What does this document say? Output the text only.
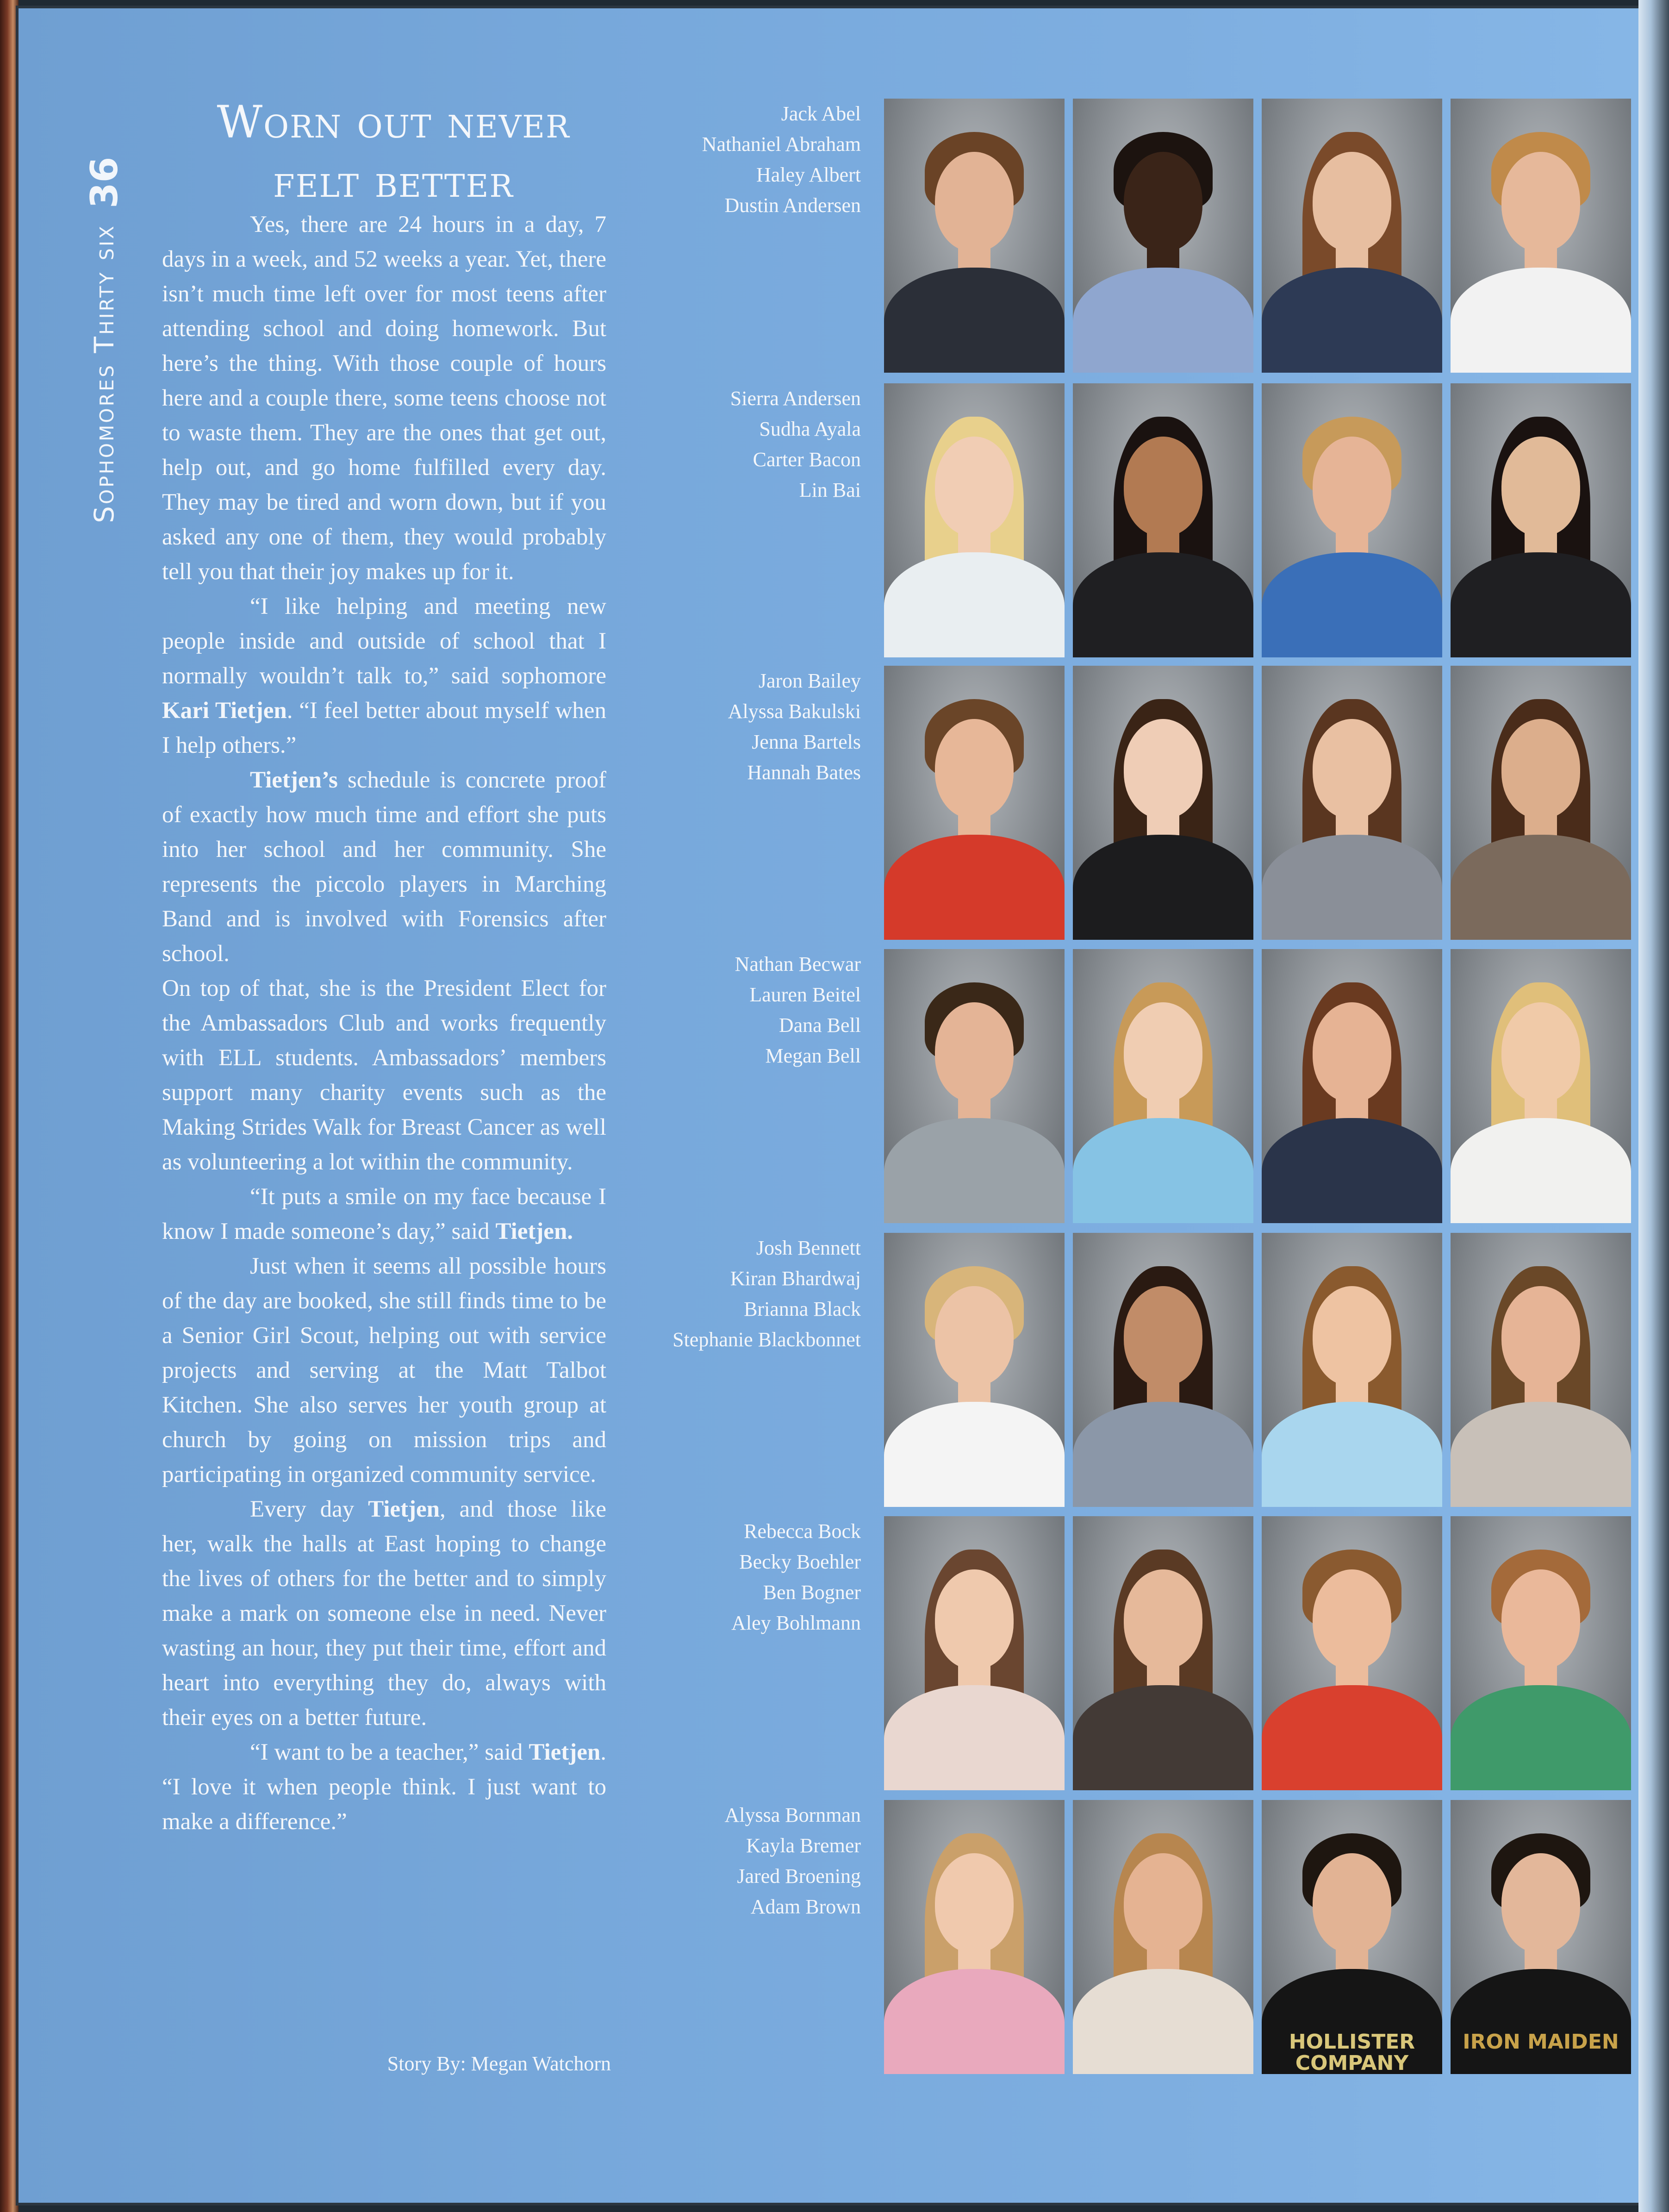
Sophomores Thirty six
36
Worn out never
felt better

Yes, there are 24 hours in a day, 7 days in a week, and 52 weeks a year. Yet, there isn’t much time left over for most teens after attending school and doing homework. But here’s the thing. With those couple of hours here and a couple there, some teens choose not to waste them. They are the ones that get out, help out, and go home fulfilled every day. They may be tired and worn down, but if you asked any one of them, they would probably tell you that their joy makes up for it.

“I like helping and meeting new people inside and outside of school that I normally wouldn’t talk to,” said sophomore Kari Tietjen. “I feel better about myself when I help others.”

Tietjen’s schedule is concrete proof of exactly how much time and effort she puts into her school and her community. She represents the piccolo players in Marching Band and is involved with Forensics after school.

On top of that, she is the President Elect for the Ambassadors Club and works frequently with ELL students. Ambassadors’ members support many charity events such as the Making Strides Walk for Breast Cancer as well as volunteering a lot within the community.

“It puts a smile on my face because I know I made someone’s day,” said Tietjen.

Just when it seems all possible hours of the day are booked, she still finds time to be a Senior Girl Scout, helping out with service projects and serving at the Matt Talbot Kitchen. She also serves her youth group at church by going on mission trips and participating in organized community service.

Every day Tietjen, and those like her, walk the halls at East hoping to change the lives of others for the better and to simply make a mark on someone else in need. Never wasting an hour, they put their time, effort and heart into everything they do, always with their eyes on a better future.

“I want to be a teacher,” said Tietjen. “I love it when people think. I just want to make a difference.”

Story By: Megan Watchorn
Jack Abel
Nathaniel Abraham
Haley Albert
Dustin Andersen
Sierra Andersen
Sudha Ayala
Carter Bacon
Lin Bai
Jaron Bailey
Alyssa Bakulski
Jenna Bartels
Hannah Bates
Nathan Becwar
Lauren Beitel
Dana Bell
Megan Bell
Josh Bennett
Kiran Bhardwaj
Brianna Black
Stephanie Blackbonnet
Rebecca Bock
Becky Boehler
Ben Bogner
Aley Bohlmann
Alyssa Bornman
Kayla Bremer
Jared Broening
Adam Brown
HOLLISTER COMPANY
IRON MAIDEN
